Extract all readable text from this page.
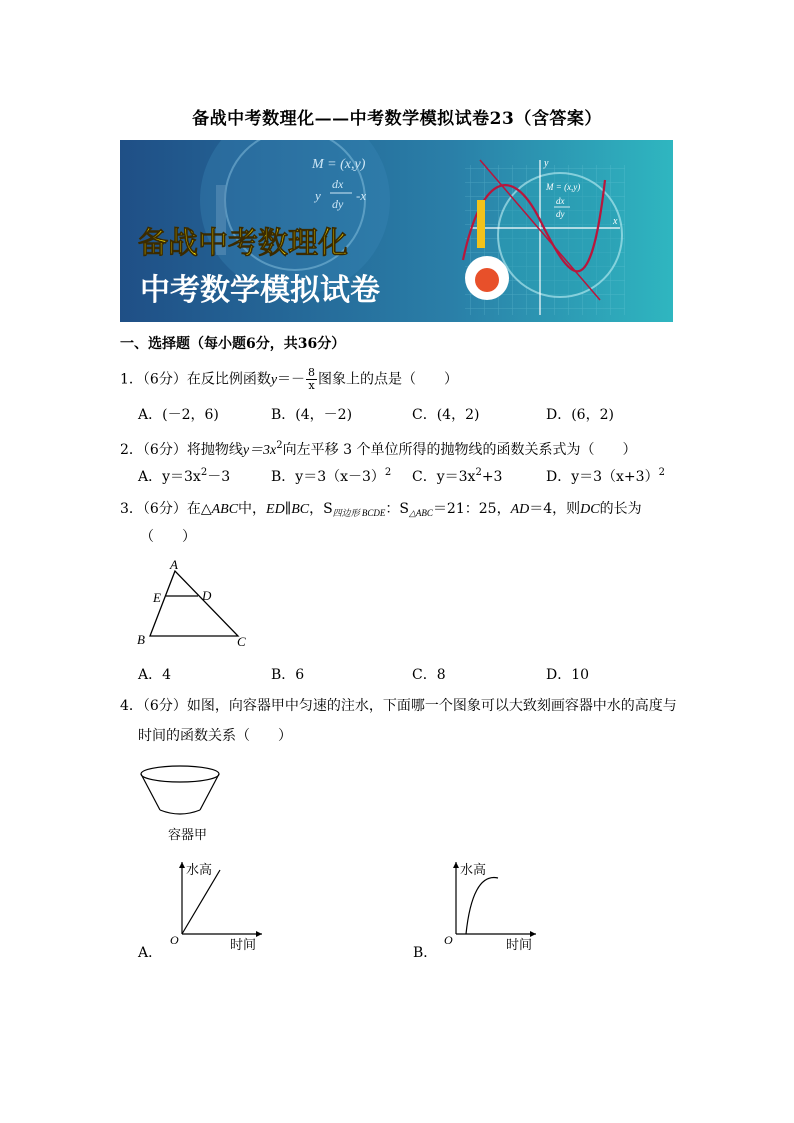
备战中考数理化——中考数学模拟试卷23（含答案）
M = (x,y)
y
dx
dy
-x
x
y
M = (x,y)
dx
dy
备战中考数理化
中考数学模拟试卷
一、选择题（每小题6分，共36分）
1．（6分）在反比例函数$y=- \frac{8}{x}$ 图象上的点是（　　）
A．(－2，6)	B．(4，－2)	C．(4，2)	D．(6，2)
2．（6分）将抛物线$y=3x^2$向左平移 3 个单位所得的抛物线的函数关系式为（　　）
A．$y=3x^2-3$	B．$y=3(x-3)^2$ C．$y=3x^2+3$	D．$y=3(x+3)^2$
3．（6分）在△ABC中，ED∥BC，$S_{四边形 BCDE}$：$S_{\triangle ABC}=21$：25，AD＝4，则DC的长为
（　　）
A
E	D
B	C
A．4	B．6	C．8	D．10
4．（6分）如图，向容器甲中匀速的注水，下面哪一个图象可以大致刻画容器中水的高度与
时间的函数关系（　　）
容器甲
A．
水高
时间
O
B．
水高
时间
O
